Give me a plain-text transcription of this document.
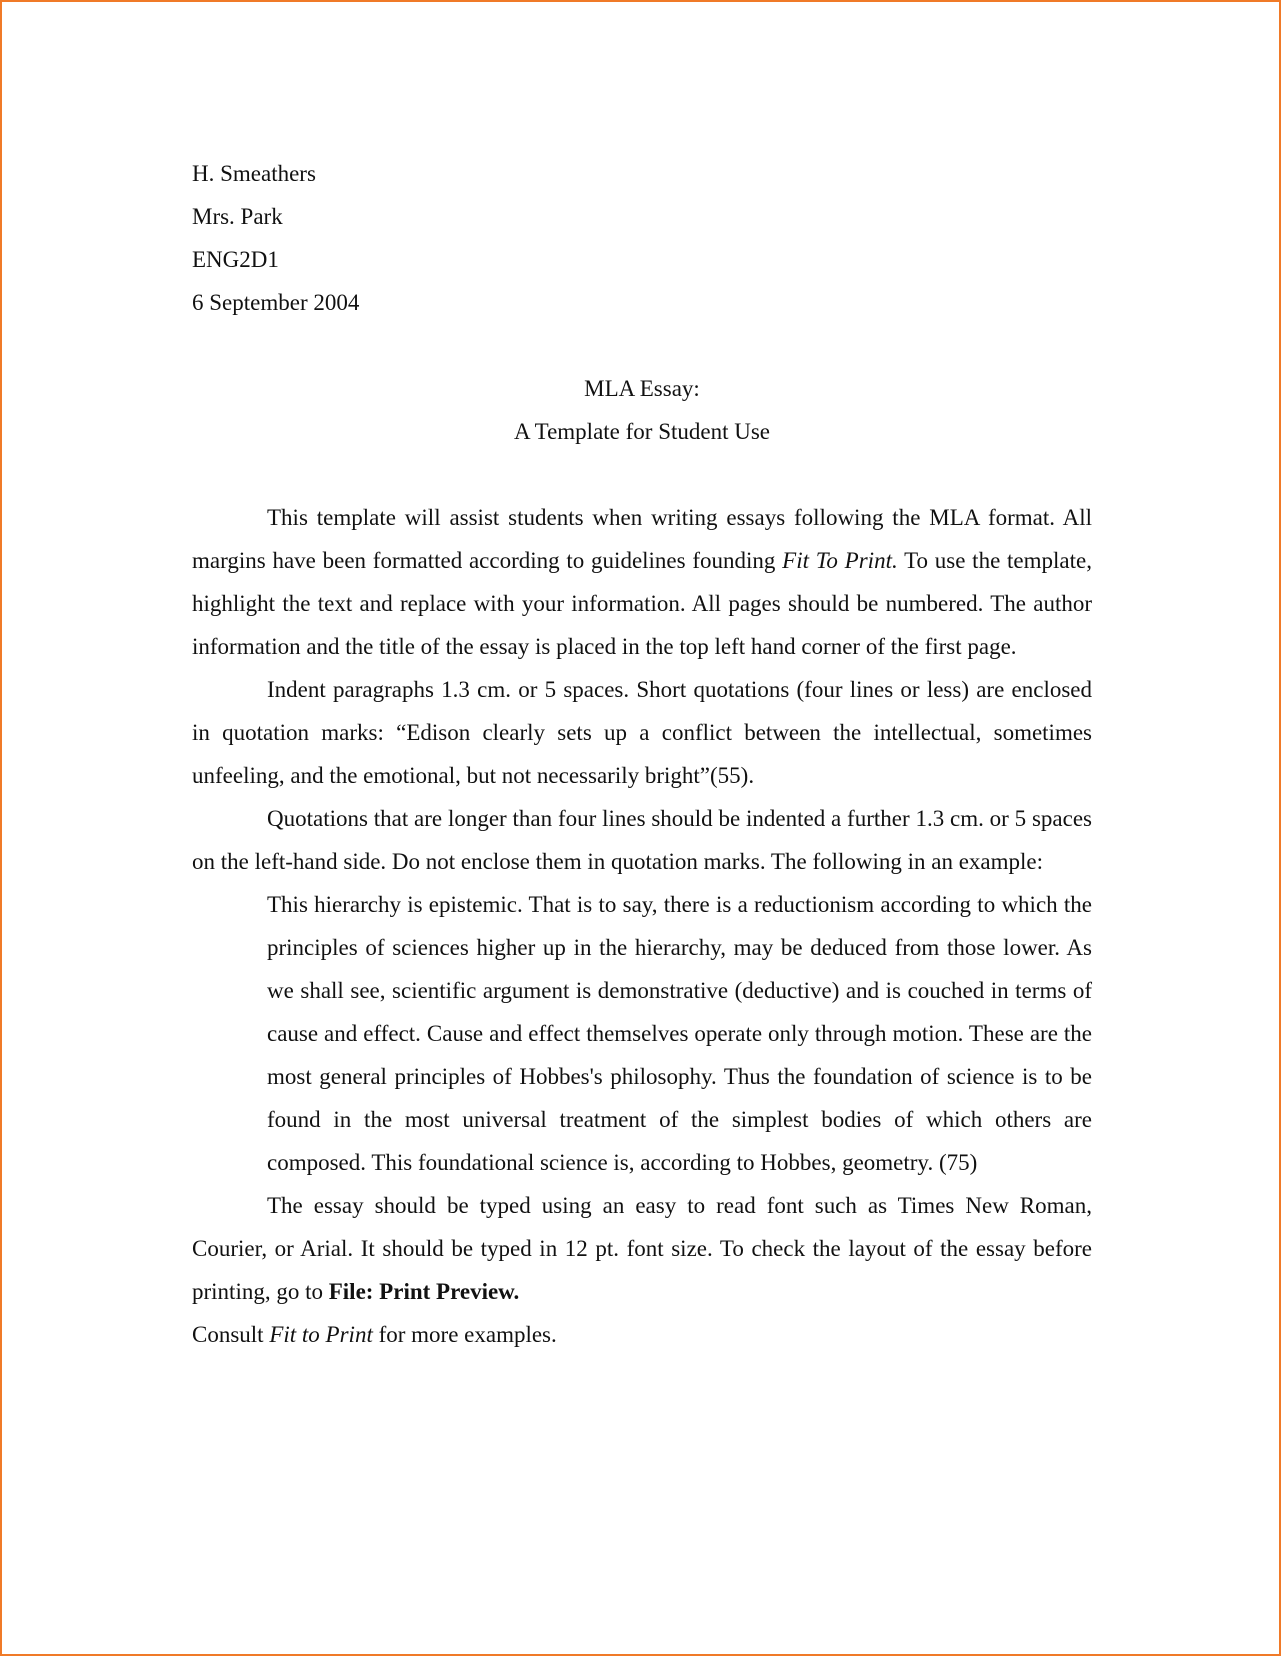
H. Smeathers

Mrs. Park

ENG2D1

6 September 2004

MLA Essay:

A Template for Student Use

This template will assist students when writing essays following the MLA format. All margins have been formatted according to guidelines founding Fit To Print. To use the template, highlight the text and replace with your information. All pages should be numbered. The author information and the title of the essay is placed in the top left hand corner of the first page.

Indent paragraphs 1.3 cm. or 5 spaces. Short quotations (four lines or less) are enclosed in quotation marks: “Edison clearly sets up a conflict between the intellectual, sometimes unfeeling, and the emotional, but not necessarily bright”(55).

Quotations that are longer than four lines should be indented a further 1.3 cm. or 5 spaces on the left-hand side. Do not enclose them in quotation marks. The following in an example:

This hierarchy is epistemic. That is to say, there is a reductionism according to which the principles of sciences higher up in the hierarchy, may be deduced from those lower. As we shall see, scientific argument is demonstrative (deductive) and is couched in terms of cause and effect. Cause and effect themselves operate only through motion. These are the most general principles of Hobbes's philosophy. Thus the foundation of science is to be found in the most universal treatment of the simplest bodies of which others are composed. This foundational science is, according to Hobbes, geometry. (75)

The essay should be typed using an easy to read font such as Times New Roman, Courier, or Arial. It should be typed in 12 pt. font size. To check the layout of the essay before printing, go to File: Print Preview.

Consult Fit to Print for more examples.
